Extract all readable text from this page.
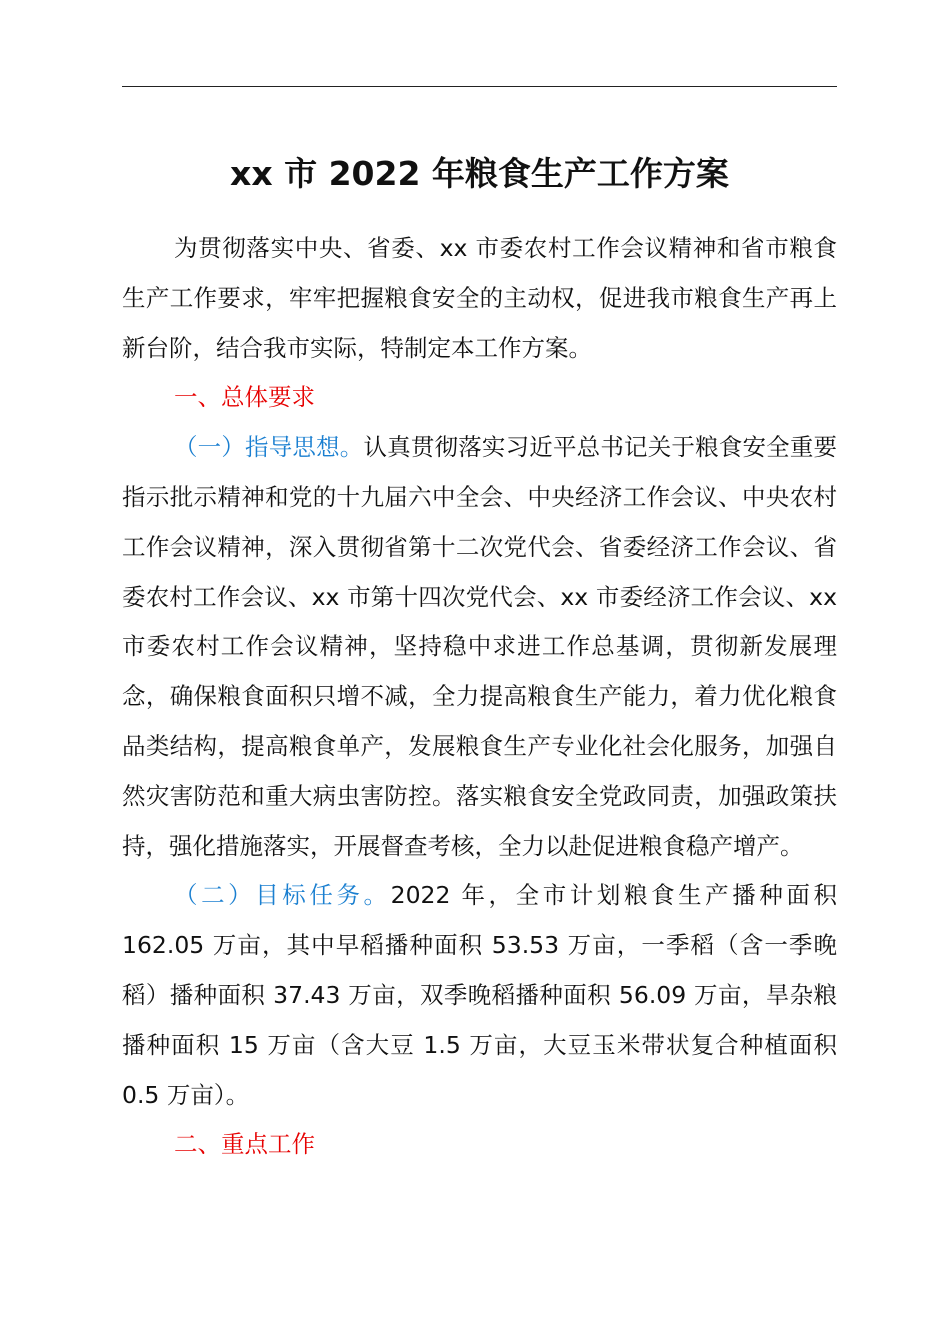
xx 市 2022 年粮食生产工作方案

为贯彻落实中央、省委、xx 市委农村工作会议精神和省市粮食生产工作要求，牢牢把握粮食安全的主动权，促进我市粮食生产再上新台阶，结合我市实际，特制定本工作方案。

一、总体要求

（一）指导思想。认真贯彻落实习近平总书记关于粮食安全重要指示批示精神和党的十九届六中全会、中央经济工作会议、中央农村工作会议精神，深入贯彻省第十二次党代会、省委经济工作会议、省委农村工作会议、xx 市第十四次党代会、xx 市委经济工作会议、xx 市委农村工作会议精神，坚持稳中求进工作总基调，贯彻新发展理念，确保粮食面积只增不减，全力提高粮食生产能力，着力优化粮食品类结构，提高粮食单产，发展粮食生产专业化社会化服务，加强自然灾害防范和重大病虫害防控。落实粮食安全党政同责，加强政策扶持，强化措施落实，开展督查考核，全力以赴促进粮食稳产增产。

（二）目标任务。2022 年，全市计划粮食生产播种面积 162.05 万亩，其中早稻播种面积 53.53 万亩，一季稻（含一季晚稻）播种面积 37.43 万亩，双季晚稻播种面积 56.09 万亩，旱杂粮播种面积 15 万亩（含大豆 1.5 万亩，大豆玉米带状复合种植面积 0.5 万亩）。

二、重点工作
